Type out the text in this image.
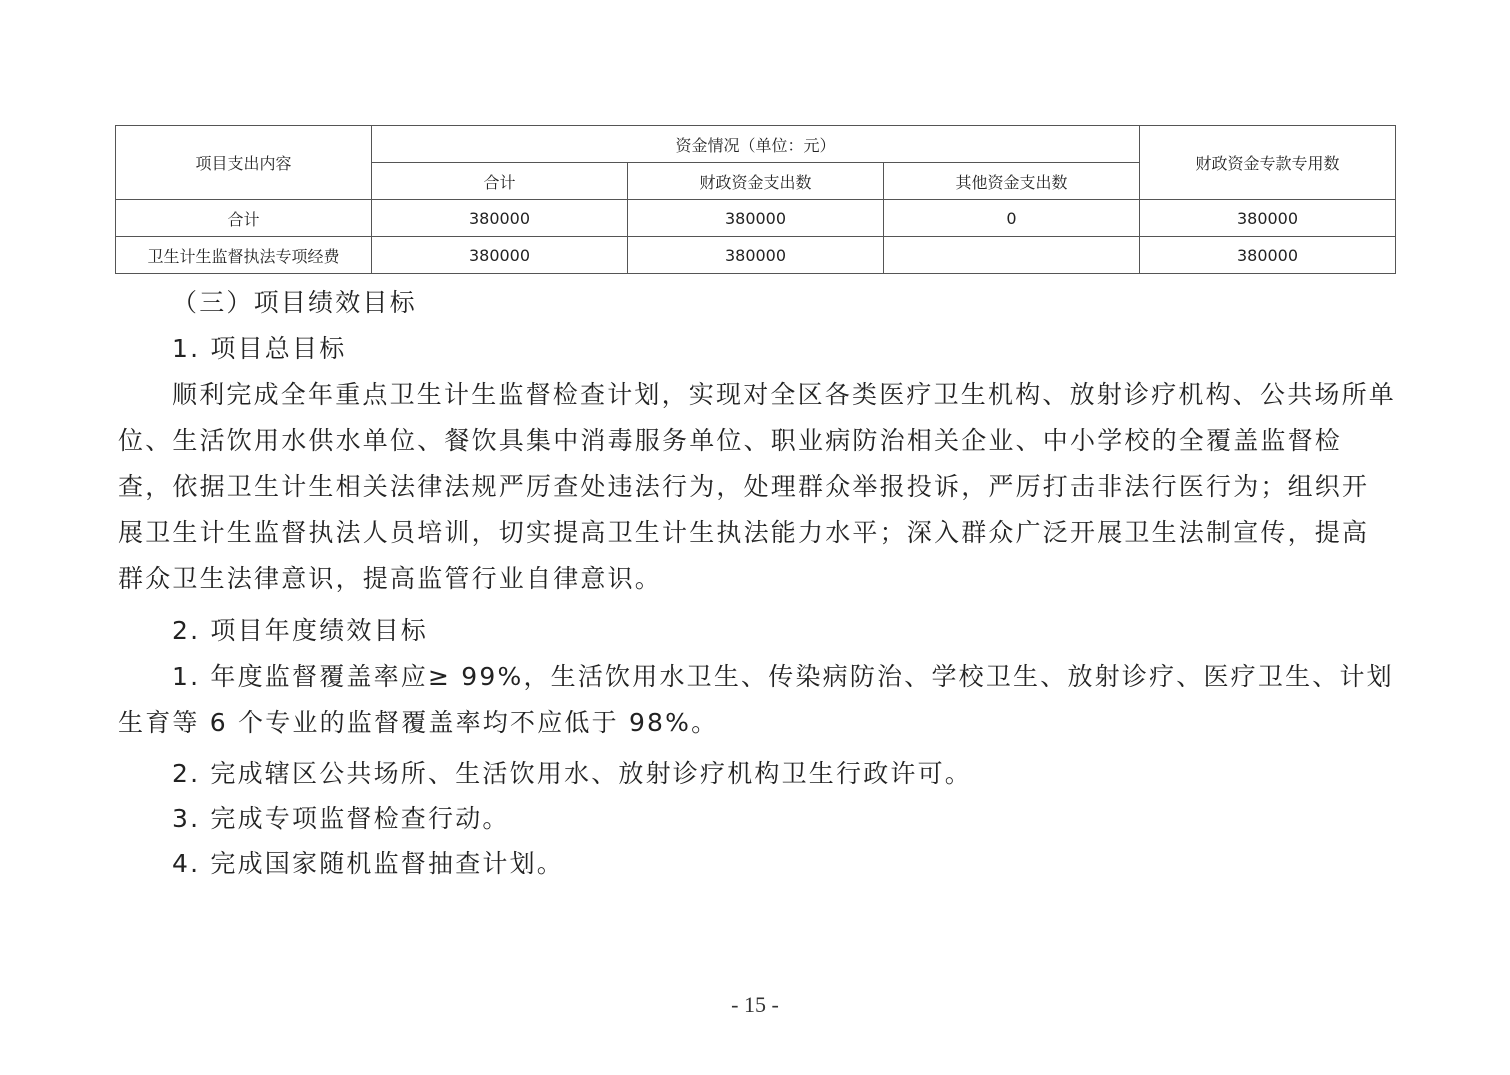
项目支出内容	资金情况（单位：元）			财政资金专款专用数
	合计	财政资金支出数	其他资金支出数	
合计	380000	380000	0	380000
卫生计生监督执法专项经费	380000	380000		380000

（三）项目绩效目标

1. 项目总目标

顺利完成全年重点卫生计生监督检查计划，实现对全区各类医疗卫生机构、放射诊疗机构、公共场所单位、生活饮用水供水单位、餐饮具集中消毒服务单位、职业病防治相关企业、中小学校的全覆盖监督检查，依据卫生计生相关法律法规严厉查处违法行为，处理群众举报投诉，严厉打击非法行医行为；组织开展卫生计生监督执法人员培训，切实提高卫生计生执法能力水平；深入群众广泛开展卫生法制宣传，提高群众卫生法律意识，提高监管行业自律意识。

2. 项目年度绩效目标

1. 年度监督覆盖率应≥ 99%，生活饮用水卫生、传染病防治、学校卫生、放射诊疗、医疗卫生、计划生育等 6 个专业的监督覆盖率均不应低于 98%。

2. 完成辖区公共场所、生活饮用水、放射诊疗机构卫生行政许可。

3. 完成专项监督检查行动。

4. 完成国家随机监督抽查计划。

- 15 -
